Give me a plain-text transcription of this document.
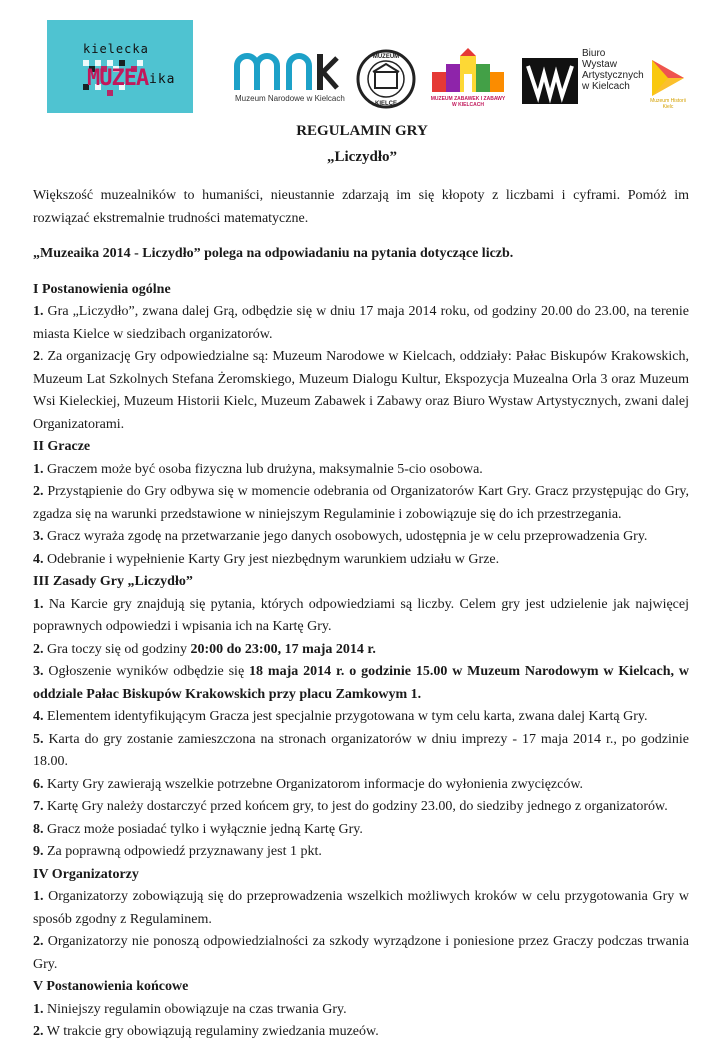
kielecka
MUZEA ika
Muzeum Narodowe w Kielcach
MUZEUM
KIELCE
MUZEUM ZABAWEK I ZABAWY W KIELCACH
Biuro
Wystaw
Artystycznych
w Kielcach
Muzeum Historii Kielc
REGULAMIN GRY
„Liczydło”

Większość muzealników to humaniści, nieustannie zdarzają im się kłopoty z liczbami i cyframi. Pomóż im rozwiązać ekstremalnie trudności matematyczne.

„Muzeaika 2014 - Liczydło” polega na odpowiadaniu na pytania dotyczące liczb.

I Postanowienia ogólne

1. Gra „Liczydło”, zwana dalej Grą, odbędzie się w dniu 17 maja 2014 roku, od godziny 20.00 do 23.00, na terenie miasta Kielce w siedzibach organizatorów.

2. Za organizację Gry odpowiedzialne są: Muzeum Narodowe w Kielcach, oddziały: Pałac Biskupów Krakowskich, Muzeum Lat Szkolnych Stefana Żeromskiego, Muzeum Dialogu Kultur, Ekspozycja Muzealna Orla 3 oraz Muzeum Wsi Kieleckiej, Muzeum Historii Kielc, Muzeum Zabawek i Zabawy oraz Biuro Wystaw Artystycznych, zwani dalej Organizatorami.

II Gracze

1. Graczem może być osoba fizyczna lub drużyna, maksymalnie 5-cio osobowa.

2. Przystąpienie do Gry odbywa się w momencie odebrania od Organizatorów Kart Gry. Gracz przystępując do Gry, zgadza się na warunki przedstawione w niniejszym Regulaminie i zobowiązuje się do ich przestrzegania.

3. Gracz wyraża zgodę na przetwarzanie jego danych osobowych, udostępnia je w celu przeprowadzenia Gry.

4. Odebranie i wypełnienie Karty Gry jest niezbędnym warunkiem udziału w Grze.

III Zasady Gry „Liczydło”

1. Na Karcie gry znajdują się pytania, których odpowiedziami są liczby. Celem gry jest udzielenie jak najwięcej poprawnych odpowiedzi i wpisania ich na Kartę Gry.

2. Gra toczy się od godziny 20:00 do 23:00, 17 maja 2014 r.

3. Ogłoszenie wyników odbędzie się 18 maja 2014 r. o godzinie 15.00 w Muzeum Narodowym w Kielcach, w oddziale Pałac Biskupów Krakowskich przy placu Zamkowym 1.

4. Elementem identyfikującym Gracza jest specjalnie przygotowana w tym celu karta, zwana dalej Kartą Gry.

5. Karta do gry zostanie zamieszczona na stronach organizatorów w dniu imprezy - 17 maja 2014 r., po godzinie 18.00.

6. Karty Gry zawierają wszelkie potrzebne Organizatorom informacje do wyłonienia zwycięzców.

7. Kartę Gry należy dostarczyć przed końcem gry, to jest do godziny 23.00, do siedziby jednego z organizatorów.

8. Gracz może posiadać tylko i wyłącznie jedną Kartę Gry.

9. Za poprawną odpowiedź przyznawany jest 1 pkt.

IV Organizatorzy

1. Organizatorzy zobowiązują się do przeprowadzenia wszelkich możliwych kroków w celu przygotowania Gry w sposób zgodny z Regulaminem.

2. Organizatorzy nie ponoszą odpowiedzialności za szkody wyrządzone i poniesione przez Graczy podczas trwania Gry.

V Postanowienia końcowe

1. Niniejszy regulamin obowiązuje na czas trwania Gry.

2. W trakcie gry obowiązują regulaminy zwiedzania muzeów.
